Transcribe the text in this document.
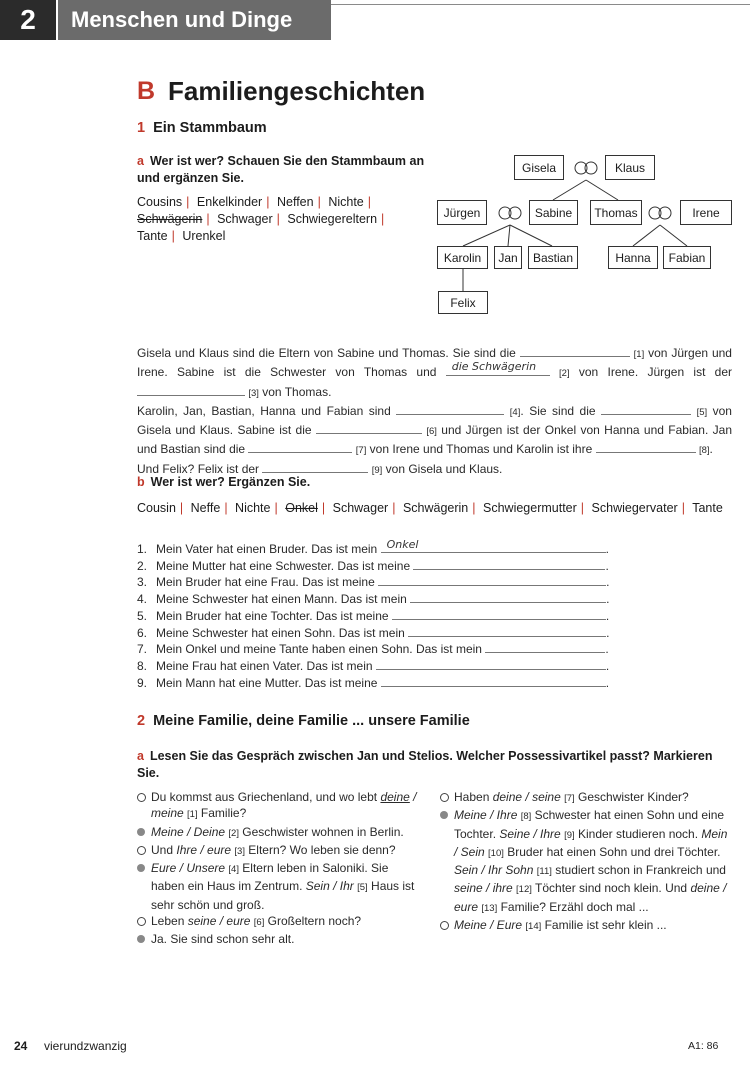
2	Menschen und Dinge
B Familiengeschichten
1 Ein Stammbaum
a Wer ist wer? Schauen Sie den Stammbaum an und ergänzen Sie.
Cousins | Enkelkinder | Neffen | Nichte | Schwägerin | Schwager | Schwiegereltern | Tante | Urenkel
Gisela	Klaus
Jürgen	Sabine	Thomas	Irene
Karolin	Jan	Bastian	Hanna	Fabian
Felix
Gisela und Klaus sind die Eltern von Sabine und Thomas. Sie sind die	[1] von Jürgen und Irene. Sabine ist die Schwester von Thomas und die Schwägerin
[2] von Irene. Jürgen ist der  [3] von Thomas.
Karolin, Jan, Bastian, Hanna und Fabian sind	[4]. Sie sind die	[5] von Gisela und Klaus. Sabine ist die	[6] und Jürgen ist der Onkel von Hanna und Fabian. Jan und Bastian sind die	[7] von Irene und Thomas und Karolin ist ihre	[8].
Und Felix? Felix ist der	[9] von Gisela und Klaus.
b Wer ist wer? Ergänzen Sie.
Cousin | Neffe | Nichte | Onkel | Schwager | Schwägerin | Schwiegermutter | Schwiegervater | Tante
1.Mein Vater hat einen Bruder. Das ist mein Onkel	.
2.Meine Mutter hat eine Schwester. Das ist meine	.
3.Mein Bruder hat eine Frau. Das ist meine	.
4.Meine Schwester hat einen Mann. Das ist mein	.
5.Mein Bruder hat eine Tochter. Das ist meine	.
6.Meine Schwester hat einen Sohn. Das ist mein	.
7.Mein Onkel und meine Tante haben einen Sohn. Das ist mein	.
8.Meine Frau hat einen Vater. Das ist mein	.
9.Mein Mann hat eine Mutter. Das ist meine	.
2 Meine Familie, deine Familie ... unsere Familie
a Lesen Sie das Gespräch zwischen Jan und Stelios. Welcher Possessivartikel passt? Markieren Sie.
Du kommst aus Griechenland, und wo lebt deine / meine [1] Familie?
Meine / Deine [2] Geschwister wohnen in Berlin.
Und Ihre / eure [3] Eltern? Wo leben sie denn?
Eure / Unsere [4] Eltern leben in Saloniki. Sie haben ein Haus im Zentrum. Sein / Ihr [5] Haus ist sehr schön und groß.
Leben seine / eure [6] Großeltern noch?
Ja. Sie sind schon sehr alt.
Haben deine / seine [7] Geschwister Kinder?
Meine / Ihre [8] Schwester hat einen Sohn und eine Tochter. Seine / Ihre [9] Kinder studieren noch. Mein / Sein [10] Bruder hat einen Sohn und drei Töchter. Sein / Ihr Sohn [11] studiert schon in Frankreich und seine / ihre [12] Töchter sind noch klein. Und deine / eure [13] Familie? Erzähl doch mal ...
Meine / Eure [14] Familie ist sehr klein ...
24 vierundzwanzig	A1: 86
